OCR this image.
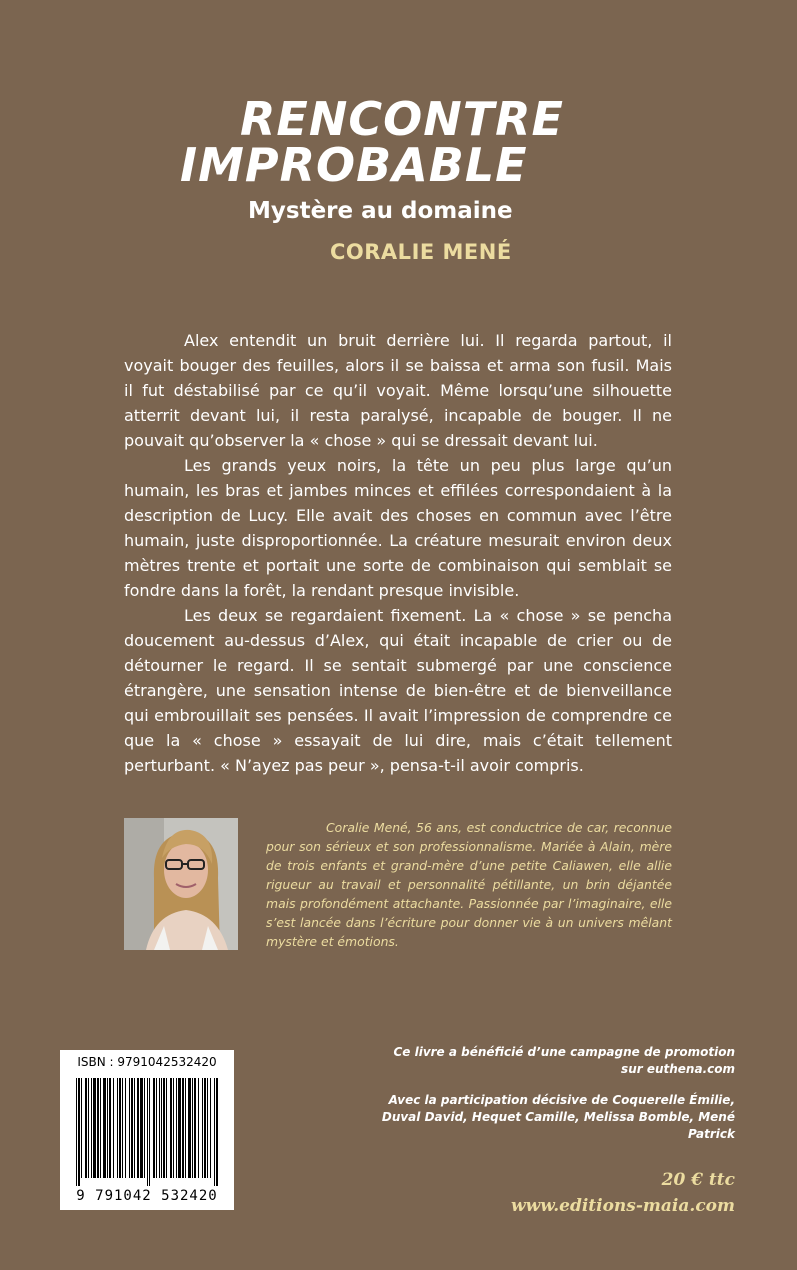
RENCONTRE
IMPROBABLE
Mystère au domaine
CORALIE MENÉ

Alex entendit un bruit derrière lui. Il regarda partout, il voyait bouger des feuilles, alors il se baissa et arma son fusil. Mais il fut déstabilisé par ce qu’il voyait. Même lorsqu’une silhouette atterrit devant lui, il resta paralysé, incapable de bouger. Il ne pouvait qu’observer la « chose » qui se dressait devant lui.

Les grands yeux noirs, la tête un peu plus large qu’un humain, les bras et jambes minces et effilées correspondaient à la description de Lucy. Elle avait des choses en commun avec l’être humain, juste disproportionnée. La créature mesurait environ deux mètres trente et portait une sorte de combinaison qui semblait se fondre dans la forêt, la rendant presque invisible.

Les deux se regardaient fixement. La « chose » se pencha doucement au-dessus d’Alex, qui était incapable de crier ou de détourner le regard. Il se sentait submergé par une conscience étrangère, une sensation intense de bien-être et de bienveillance qui embrouillait ses pensées. Il avait l’impression de comprendre ce que la « chose » essayait de lui dire, mais c’était tellement perturbant. « N’ayez pas peur », pensa-t-il avoir compris.

Coralie Mené, 56 ans, est conductrice de car, reconnue pour son sérieux et son professionnalisme. Mariée à Alain, mère de trois enfants et grand-mère d’une petite Caliawen, elle allie rigueur au travail et personnalité pétillante, un brin déjantée mais profondément attachante. Passionnée par l’imaginaire, elle s’est lancée dans l’écriture pour donner vie à un univers mêlant mystère et émotions.

ISBN : 9791042532420
9 791042 532420

Ce livre a bénéficié d’une campagne de promotion

sur euthena.com

Avec la participation décisive de Coquerelle Émilie,

Duval David, Hequet Camille, Melissa Bomble, Mené Patrick

20 € ttc
www.editions-maia.com
